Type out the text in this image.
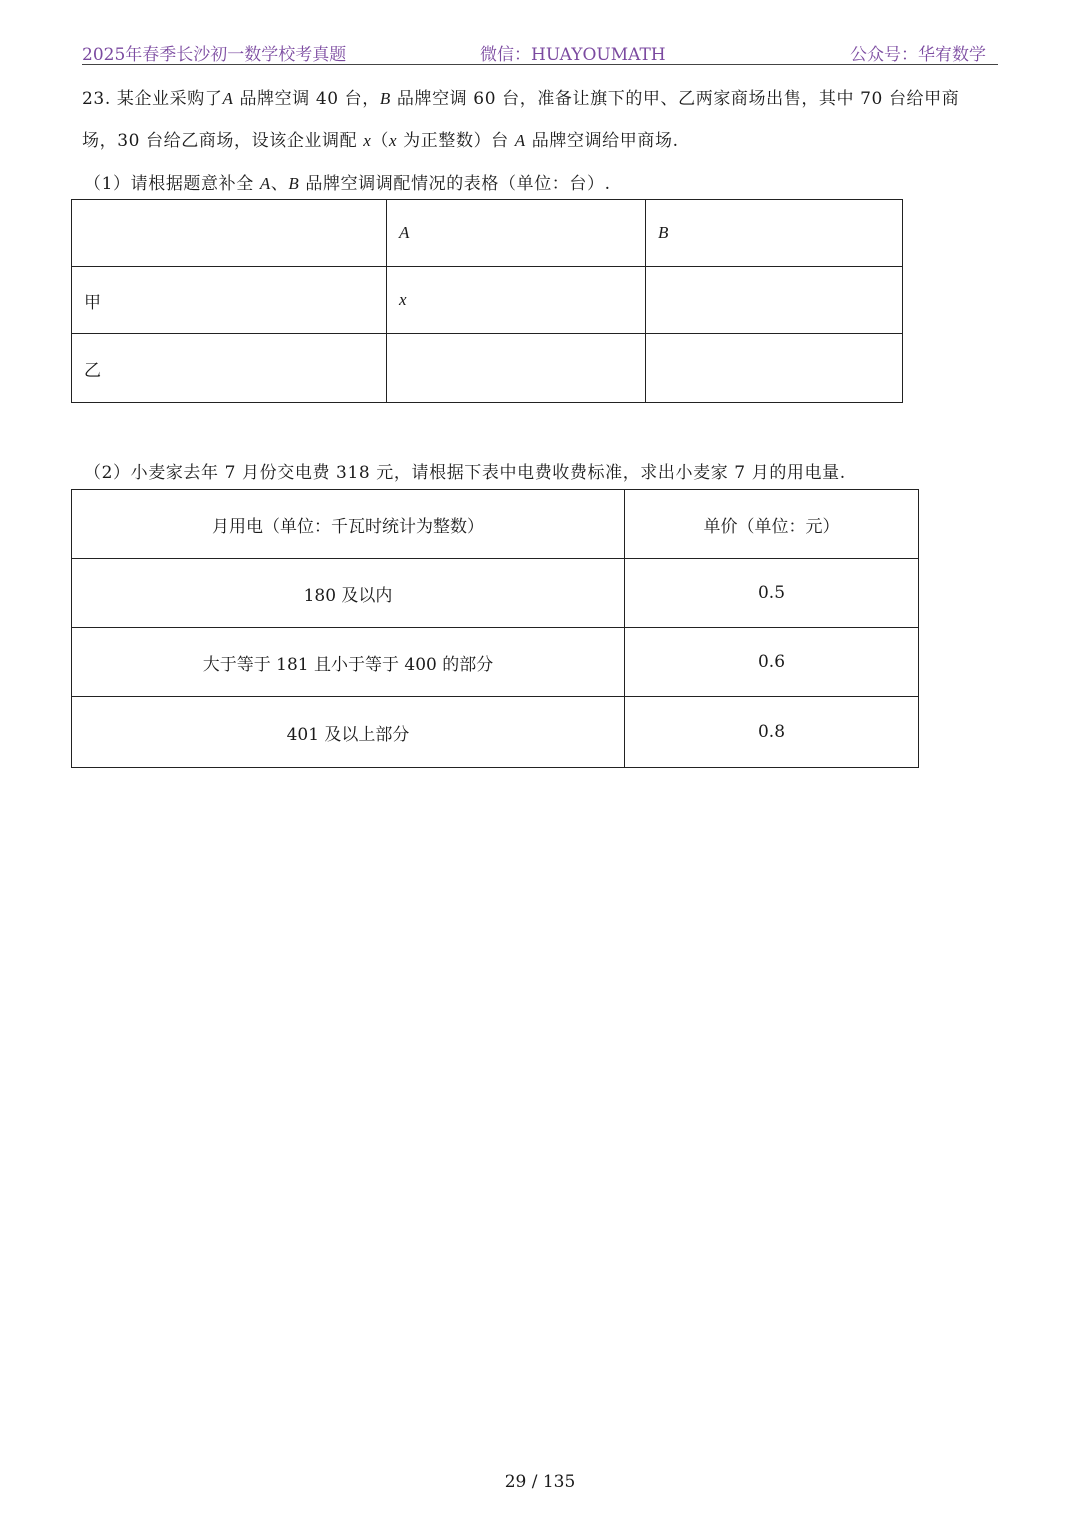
2025年春季长沙初一数学校考真题	微信：HUAYOUMATH	公众号：华宥数学
23. 某企业采购了A 品牌空调 40 台，B 品牌空调 60 台，准备让旗下的甲、乙两家商场出售，其中 70 台给甲商
场，30 台给乙商场，设该企业调配 x（x 为正整数）台 A 品牌空调给甲商场.
（1）请根据题意补全 A、B 品牌空调调配情况的表格（单位：台）.
	A	B
甲	x	
乙		
（2）小麦家去年 7 月份交电费 318 元，请根据下表中电费收费标准，求出小麦家 7 月的用电量.
月用电（单位：千瓦时统计为整数）	单价（单位：元）
180 及以内	0.5
大于等于 181 且小于等于 400 的部分	0.6
401 及以上部分	0.8
29 / 135
